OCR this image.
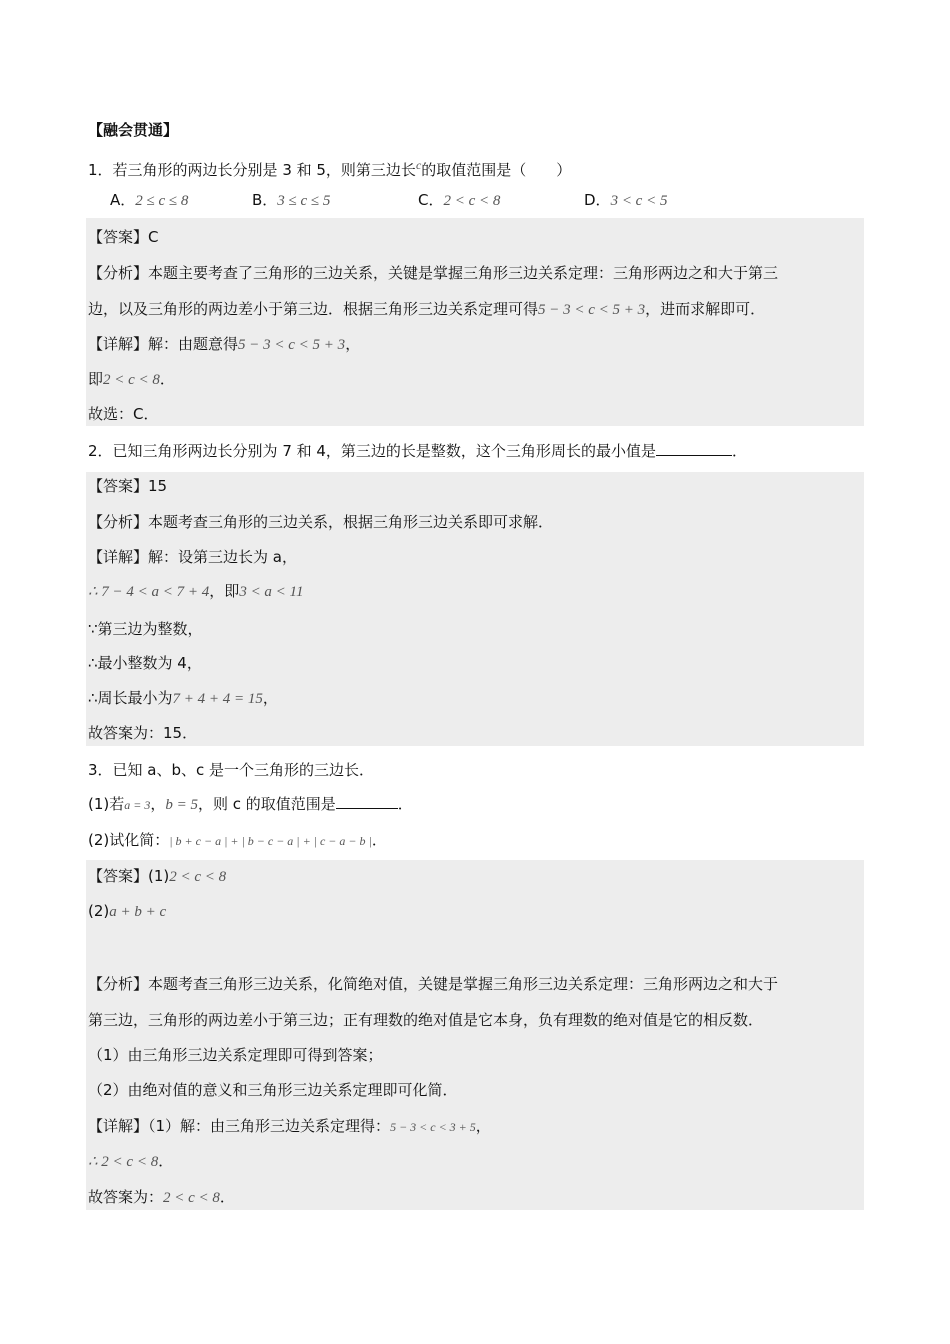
【融会贯通】
1．若三角形的两边长分别是 3 和 5，则第三边长$^c$的取值范围是（　　）
A．2 ≤ c ≤ 8	B．3 ≤ c ≤ 5	C．2 < c < 8	D．3 < c < 5
【答案】C
【分析】本题主要考查了三角形的三边关系，关键是掌握三角形三边关系定理：三角形两边之和大于第三
边，以及三角形的两边差小于第三边．根据三角形三边关系定理可得5 − 3 < c < 5 + 3，进而求解即可．
【详解】解：由题意得5 − 3 < c < 5 + 3，
即2 < c < 8．
故选：C．
2．已知三角形两边长分别为 7 和 4，第三边的长是整数，这个三角形周长的最小值是	．
【答案】15
【分析】本题考查三角形的三边关系，根据三角形三边关系即可求解．
【详解】解：设第三边长为 a，
∴ 7 − 4 < a < 7 + 4，即3 < a < 11
∵第三边为整数，
∴最小整数为 4，
∴周长最小为7 + 4 + 4 = 15，
故答案为：15．
3．已知 a、b、c 是一个三角形的三边长．
(1)若a = 3，b = 5，则 c 的取值范围是	．
(2)试化简：| b + c − a | + | b − c − a | + | c − a − b |．
【答案】(1)2 < c < 8
(2)a + b + c
【分析】本题考查三角形三边关系，化简绝对值，关键是掌握三角形三边关系定理：三角形两边之和大于
第三边，三角形的两边差小于第三边；正有理数的绝对值是它本身，负有理数的绝对值是它的相反数．
（1）由三角形三边关系定理即可得到答案；
（2）由绝对值的意义和三角形三边关系定理即可化简．
【详解】（1）解：由三角形三边关系定理得：5 − 3 < c < 3 + 5，
∴ 2 < c < 8．
故答案为：2 < c < 8．
